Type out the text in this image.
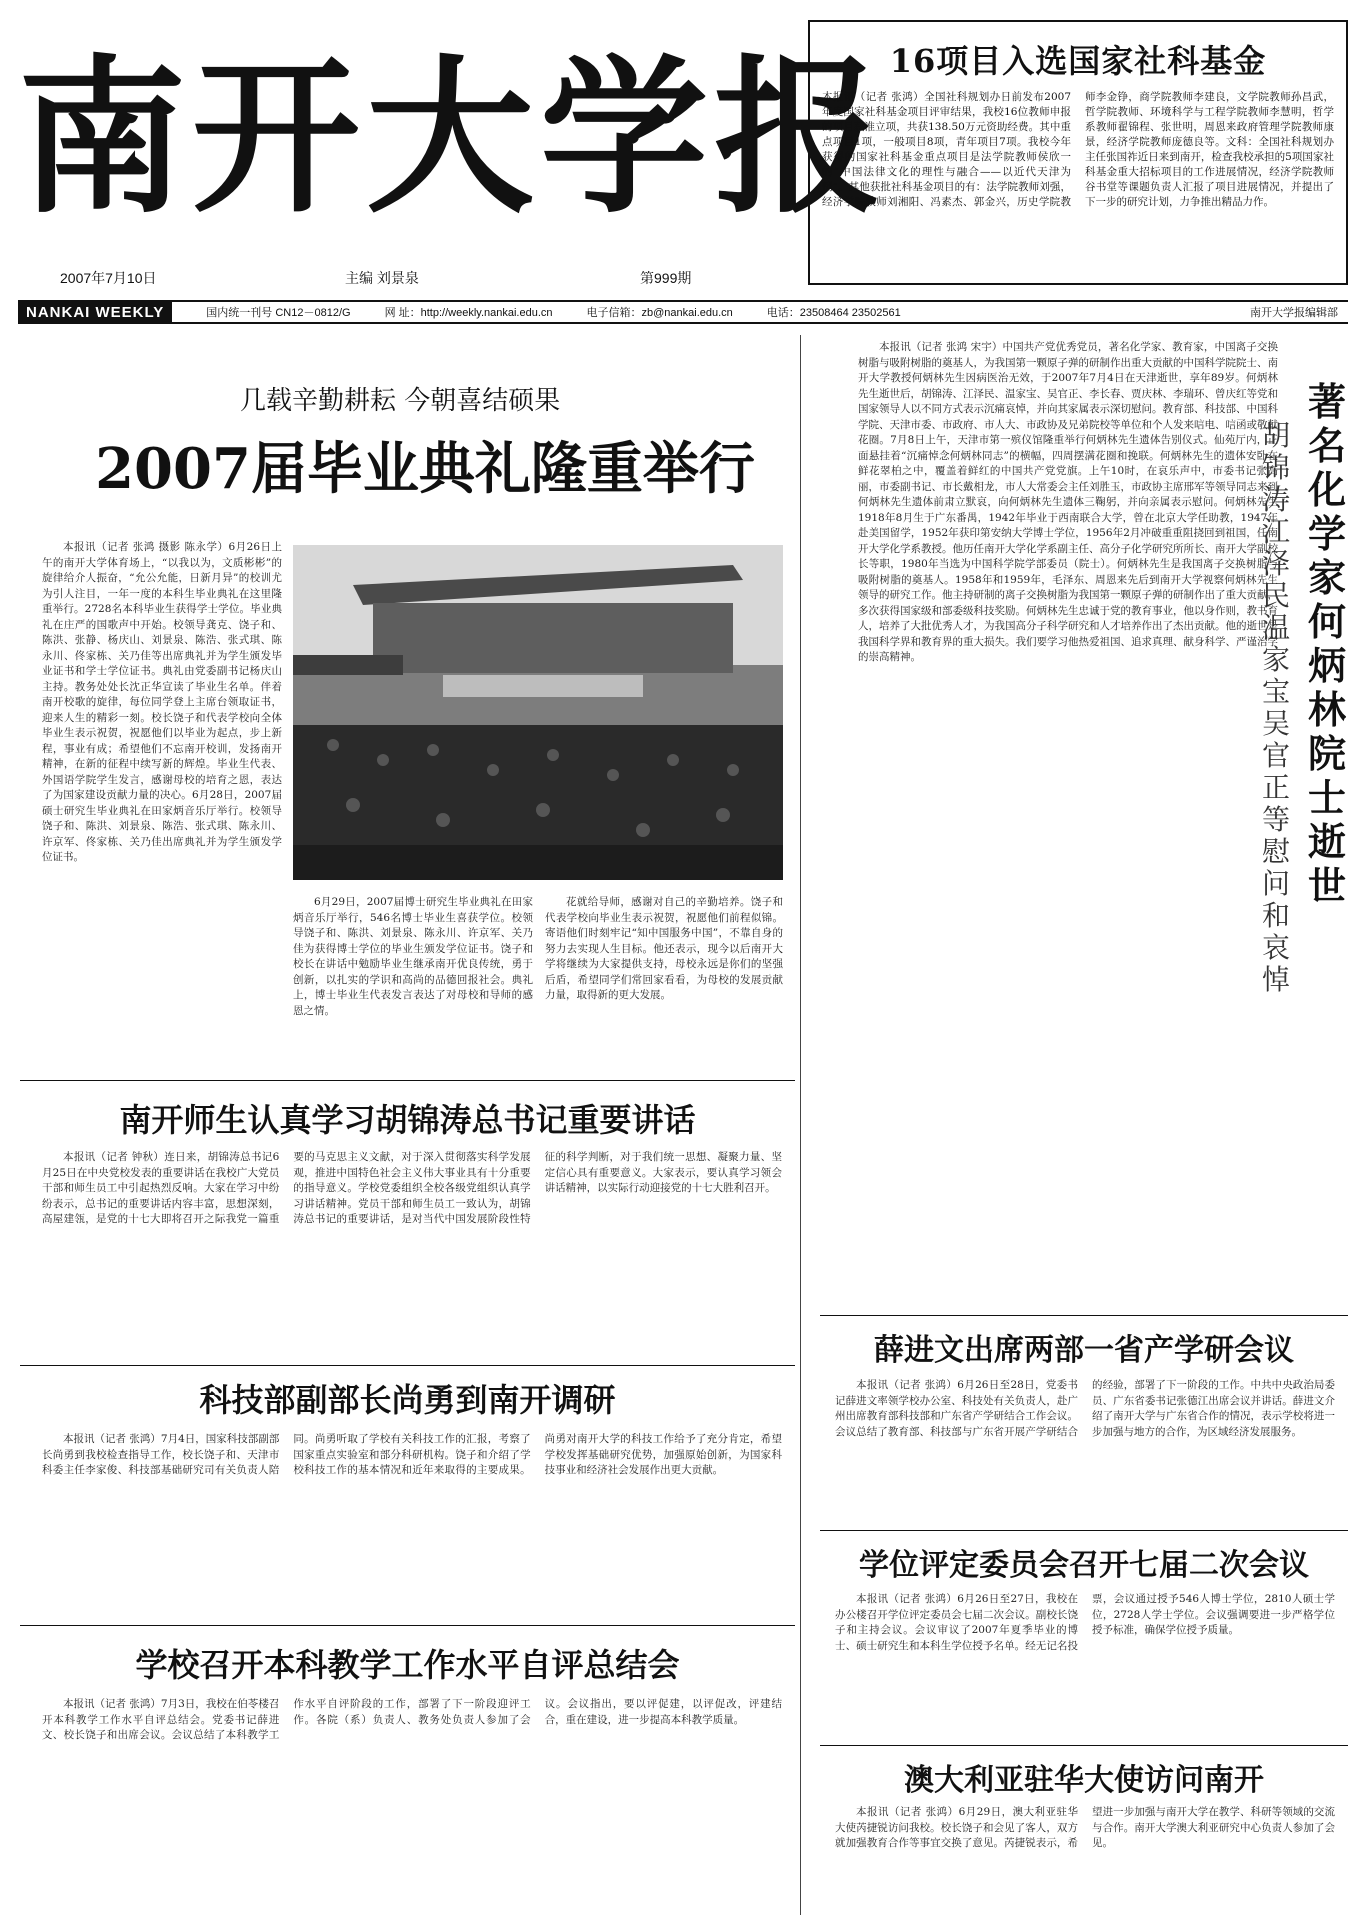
南开大学报
2007年7月10日	主编 刘景泉	第999期
16项目入选国家社科基金
本报讯（记者 张鸿）全国社科规划办日前发布2007年度国家社科基金项目评审结果，我校16位教师申报的项目获准立项，共获138.50万元资助经费。其中重点项目1项，一般项目8项，青年项目7项。我校今年获得的国家社科基金重点项目是法学院教师侯欣一的“中国法律文化的理性与融合——以近代天津为例”。其他获批社科基金项目的有：法学院教师刘强，经济学院教师刘湘阳、冯素杰、郭金兴，历史学院教师李金铮，商学院教师李建良，文学院教师孙昌武，哲学院教师、环境科学与工程学院教师李慧明，哲学系教师翟锦程、张世明，周恩来政府管理学院教师康景，经济学院教师庞德良等。文科：全国社科规划办主任张国祚近日来到南开，检查我校承担的5项国家社科基金重大招标项目的工作进展情况，经济学院教师谷书堂等课题负责人汇报了项目进展情况，并提出了下一步的研究计划，力争推出精品力作。
NANKAI WEEKLY	国内统一刊号 CN12－0812/G	网 址：http://weekly.nankai.edu.cn	电子信箱：zb@nankai.edu.cn	电话：23508464 23502561	南开大学报编辑部
几载辛勤耕耘 今朝喜结硕果
2007届毕业典礼隆重举行

本报讯（记者 张鸿 摄影 陈永学）6月26日上午的南开大学体育场上，“以我以为，文质彬彬”的旋律给介人振奋，“允公允能，日新月异”的校训尤为引人注目，一年一度的本科生毕业典礼在这里隆重举行。2728名本科毕业生获得学士学位。毕业典礼在庄严的国歌声中开始。校领导龚克、饶子和、陈洪、张静、杨庆山、刘景泉、陈浩、张式琪、陈永川、佟家栋、关乃佳等出席典礼并为学生颁发毕业证书和学士学位证书。典礼由党委副书记杨庆山主持。教务处处长沈正华宣读了毕业生名单。伴着南开校歌的旋律，每位同学登上主席台领取证书，迎来人生的精彩一刻。校长饶子和代表学校向全体毕业生表示祝贺，祝愿他们以毕业为起点，步上新程，事业有成；希望他们不忘南开校训，发扬南开精神，在新的征程中续写新的辉煌。毕业生代表、外国语学院学生发言，感谢母校的培育之恩，表达了为国家建设贡献力量的决心。6月28日，2007届硕士研究生毕业典礼在田家炳音乐厅举行。校领导饶子和、陈洪、刘景泉、陈浩、张式琪、陈永川、许京军、佟家栋、关乃佳出席典礼并为学生颁发学位证书。

6月29日，2007届博士研究生毕业典礼在田家炳音乐厅举行，546名博士毕业生喜获学位。校领导饶子和、陈洪、刘景泉、陈永川、许京军、关乃佳为获得博士学位的毕业生颁发学位证书。饶子和校长在讲话中勉励毕业生继承南开优良传统，勇于创新，以扎实的学识和高尚的品德回报社会。典礼上，博士毕业生代表发言表达了对母校和导师的感恩之情。

花就给导师，感谢对自己的辛勤培养。饶子和代表学校向毕业生表示祝贺，祝愿他们前程似锦。寄语他们时刻牢记“知中国服务中国”，不靠自身的努力去实现人生目标。他还表示，现今以后南开大学将继续为大家提供支持，母校永远是你们的坚强后盾，希望同学们常回家看看，为母校的发展贡献力量，取得新的更大发展。

本报讯（记者 张鸿 宋宇）中国共产党优秀党员，著名化学家、教育家，中国离子交换树脂与吸附树脂的奠基人，为我国第一颗原子弹的研制作出重大贡献的中国科学院院士、南开大学教授何炳林先生因病医治无效，于2007年7月4日在天津逝世，享年89岁。何炳林先生逝世后，胡锦涛、江泽民、温家宝、吴官正、李长春、贾庆林、李瑞环、曾庆红等党和国家领导人以不同方式表示沉痛哀悼，并向其家属表示深切慰问。教育部、科技部、中国科学院、天津市委、市政府、市人大、市政协及兄弟院校等单位和个人发来唁电、唁函或敬献花圈。7月8日上午，天津市第一殡仪馆隆重举行何炳林先生遗体告别仪式。仙苑厅内，正面悬挂着“沉痛悼念何炳林同志”的横幅，四周摆满花圈和挽联。何炳林先生的遗体安卧在鲜花翠柏之中，覆盖着鲜红的中国共产党党旗。上午10时，在哀乐声中，市委书记张高丽，市委副书记、市长戴相龙，市人大常委会主任刘胜玉，市政协主席邢军等领导同志来到何炳林先生遗体前肃立默哀，向何炳林先生遗体三鞠躬，并向亲属表示慰问。何炳林先生1918年8月生于广东番禺，1942年毕业于西南联合大学，曾在北京大学任助教，1947年赴美国留学，1952年获印第安纳大学博士学位，1956年2月冲破重重阻挠回到祖国，任南开大学化学系教授。他历任南开大学化学系副主任、高分子化学研究所所长、南开大学副校长等职，1980年当选为中国科学院学部委员（院士）。何炳林先生是我国离子交换树脂与吸附树脂的奠基人。1958年和1959年，毛泽东、周恩来先后到南开大学视察何炳林先生领导的研究工作。他主持研制的离子交换树脂为我国第一颗原子弹的研制作出了重大贡献，多次获得国家级和部委级科技奖励。何炳林先生忠诚于党的教育事业，他以身作则，教书育人，培养了大批优秀人才，为我国高分子科学研究和人才培养作出了杰出贡献。他的逝世是我国科学界和教育界的重大损失。我们要学习他热爱祖国、追求真理、献身科学、严谨治学的崇高精神。

著名化学家何炳林院士逝世
胡锦涛江泽民温家宝吴官正等慰问和哀悼
南开师生认真学习胡锦涛总书记重要讲话

本报讯（记者 钟秋）连日来，胡锦涛总书记6月25日在中央党校发表的重要讲话在我校广大党员干部和师生员工中引起热烈反响。大家在学习中纷纷表示，总书记的重要讲话内容丰富，思想深刻，高屋建瓴，是党的十七大即将召开之际我党一篇重要的马克思主义文献，对于深入贯彻落实科学发展观，推进中国特色社会主义伟大事业具有十分重要的指导意义。学校党委组织全校各级党组织认真学习讲话精神。党员干部和师生员工一致认为，胡锦涛总书记的重要讲话，是对当代中国发展阶段性特征的科学判断，对于我们统一思想、凝聚力量、坚定信心具有重要意义。大家表示，要认真学习领会讲话精神，以实际行动迎接党的十七大胜利召开。

薛进文出席两部一省产学研会议

本报讯（记者 张鸿）6月26日至28日，党委书记薛进文率领学校办公室、科技处有关负责人，赴广州出席教育部科技部和广东省产学研结合工作会议。会议总结了教育部、科技部与广东省开展产学研结合的经验，部署了下一阶段的工作。中共中央政治局委员、广东省委书记张德江出席会议并讲话。薛进文介绍了南开大学与广东省合作的情况，表示学校将进一步加强与地方的合作，为区域经济发展服务。

科技部副部长尚勇到南开调研

本报讯（记者 张鸿）7月4日，国家科技部副部长尚勇到我校检查指导工作，校长饶子和、天津市科委主任李家俊、科技部基础研究司有关负责人陪同。尚勇听取了学校有关科技工作的汇报，考察了国家重点实验室和部分科研机构。饶子和介绍了学校科技工作的基本情况和近年来取得的主要成果。尚勇对南开大学的科技工作给予了充分肯定，希望学校发挥基础研究优势，加强原始创新，为国家科技事业和经济社会发展作出更大贡献。

学位评定委员会召开七届二次会议

本报讯（记者 张鸿）6月26日至27日，我校在办公楼召开学位评定委员会七届二次会议。副校长饶子和主持会议。会议审议了2007年夏季毕业的博士、硕士研究生和本科生学位授予名单。经无记名投票，会议通过授予546人博士学位，2810人硕士学位，2728人学士学位。会议强调要进一步严格学位授予标准，确保学位授予质量。

学校召开本科教学工作水平自评总结会

本报讯（记者 张鸿）7月3日，我校在伯苓楼召开本科教学工作水平自评总结会。党委书记薛进文、校长饶子和出席会议。会议总结了本科教学工作水平自评阶段的工作，部署了下一阶段迎评工作。各院（系）负责人、教务处负责人参加了会议。会议指出，要以评促建，以评促改，评建结合，重在建设，进一步提高本科教学质量。

澳大利亚驻华大使访问南开

本报讯（记者 张鸿）6月29日，澳大利亚驻华大使芮捷锐访问我校。校长饶子和会见了客人，双方就加强教育合作等事宜交换了意见。芮捷锐表示，希望进一步加强与南开大学在教学、科研等领域的交流与合作。南开大学澳大利亚研究中心负责人参加了会见。
